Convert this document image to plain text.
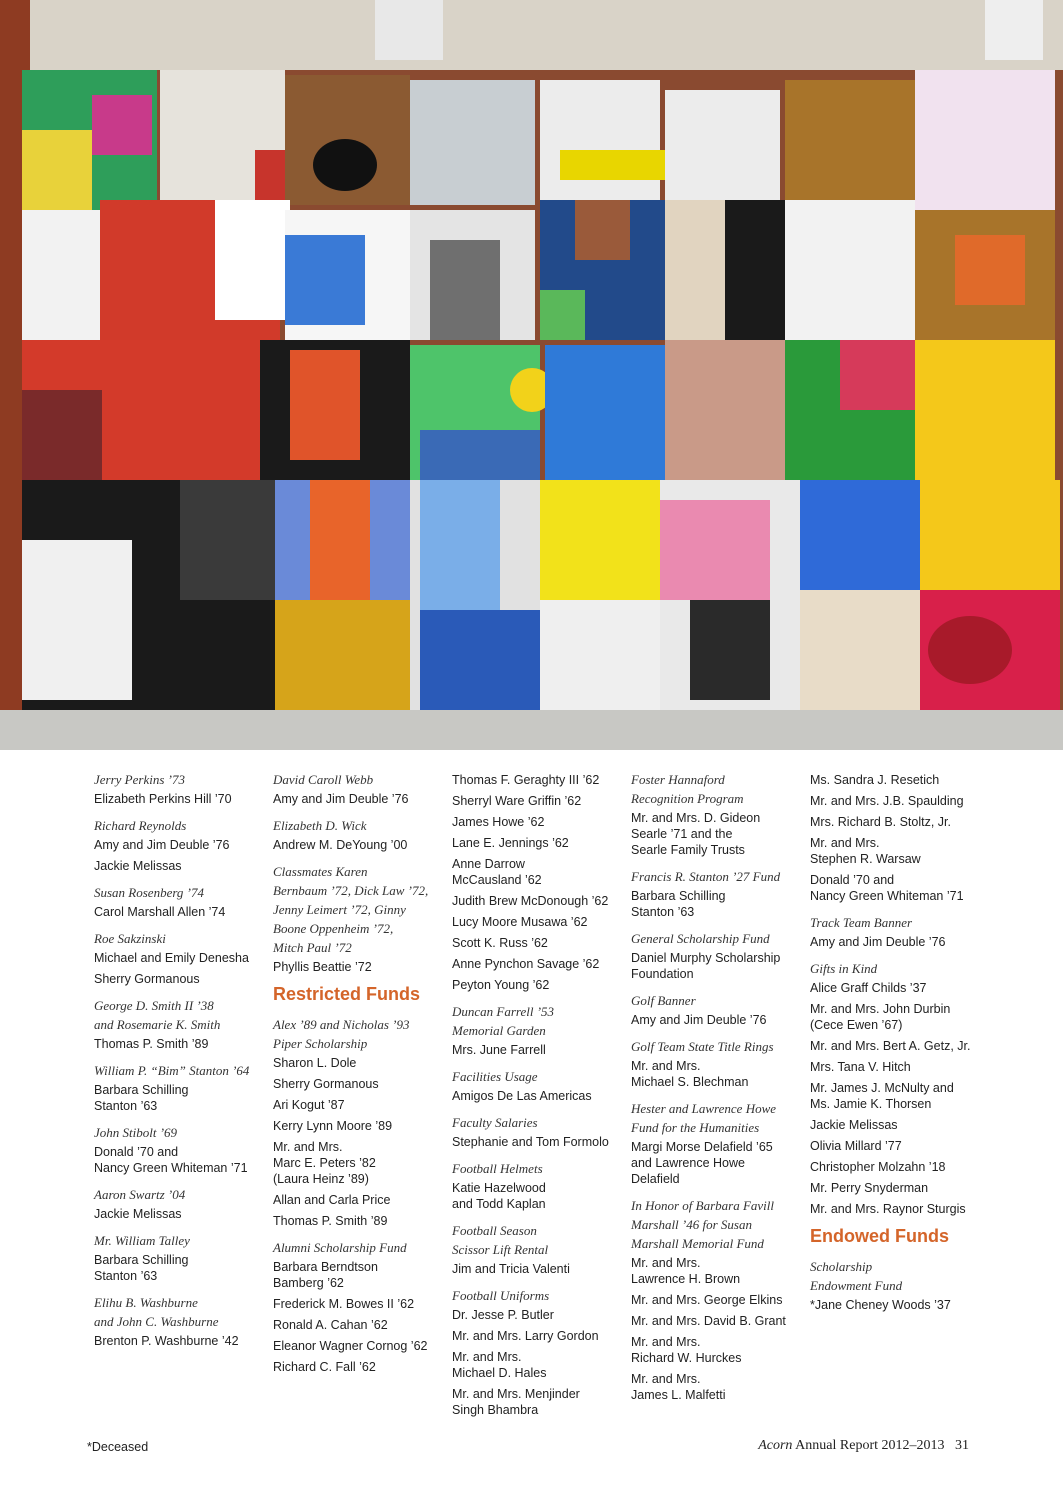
Jerry Perkins ’73
Elizabeth Perkins Hill ’70
Richard Reynolds
Amy and Jim Deuble ’76
Jackie Melissas
Susan Rosenberg ’74
Carol Marshall Allen ’74
Roe Sakzinski
Michael and Emily Denesha
Sherry Gormanous
George D. Smith II ’38
and Rosemarie K. Smith
Thomas P. Smith ’89
William P. “Bim” Stanton ’64
Barbara Schilling
Stanton ’63
John Stibolt ’69
Donald ’70 and
Nancy Green Whiteman ’71
Aaron Swartz ’04
Jackie Melissas
Mr. William Talley
Barbara Schilling
Stanton ’63
Elihu B. Washburne
and John C. Washburne
Brenton P. Washburne ’42
David Caroll Webb
Amy and Jim Deuble ’76
Elizabeth D. Wick
Andrew M. DeYoung ’00
Classmates Karen
Bernbaum ’72, Dick Law ’72,
Jenny Leimert ’72, Ginny
Boone Oppenheim ’72,
Mitch Paul ’72
Phyllis Beattie ’72
Restricted Funds
Alex ’89 and Nicholas ’93
Piper Scholarship
Sharon L. Dole
Sherry Gormanous
Ari Kogut ’87
Kerry Lynn Moore ’89
Mr. and Mrs.
Marc E. Peters ’82
(Laura Heinz ’89)
Allan and Carla Price
Thomas P. Smith ’89
Alumni Scholarship Fund
Barbara Berndtson
Bamberg ’62
Frederick M. Bowes II ’62
Ronald A. Cahan ’62
Eleanor Wagner Cornog ’62
Richard C. Fall ’62
Thomas F. Geraghty III ’62
Sherryl Ware Griffin ’62
James Howe ’62
Lane E. Jennings ’62
Anne Darrow
McCausland ’62
Judith Brew McDonough ’62
Lucy Moore Musawa ’62
Scott K. Russ ’62
Anne Pynchon Savage ’62
Peyton Young ’62
Duncan Farrell ’53
Memorial Garden
Mrs. June Farrell
Facilities Usage
Amigos De Las Americas
Faculty Salaries
Stephanie and Tom Formolo
Football Helmets
Katie Hazelwood
and Todd Kaplan
Football Season
Scissor Lift Rental
Jim and Tricia Valenti
Football Uniforms
Dr. Jesse P. Butler
Mr. and Mrs. Larry Gordon
Mr. and Mrs.
Michael D. Hales
Mr. and Mrs. Menjinder
Singh Bhambra
Foster Hannaford
Recognition Program
Mr. and Mrs. D. Gideon
Searle ’71 and the
Searle Family Trusts
Francis R. Stanton ’27 Fund
Barbara Schilling
Stanton ’63
General Scholarship Fund
Daniel Murphy Scholarship
Foundation
Golf Banner
Amy and Jim Deuble ’76
Golf Team State Title Rings
Mr. and Mrs.
Michael S. Blechman
Hester and Lawrence Howe
Fund for the Humanities
Margi Morse Delafield ’65
and Lawrence Howe
Delafield
In Honor of Barbara Favill
Marshall ’46 for Susan
Marshall Memorial Fund
Mr. and Mrs.
Lawrence H. Brown
Mr. and Mrs. George Elkins
Mr. and Mrs. David B. Grant
Mr. and Mrs.
Richard W. Hurckes
Mr. and Mrs.
James L. Malfetti
Ms. Sandra J. Resetich
Mr. and Mrs. J.B. Spaulding
Mrs. Richard B. Stoltz, Jr.
Mr. and Mrs.
Stephen R. Warsaw
Donald ’70 and
Nancy Green Whiteman ’71
Track Team Banner
Amy and Jim Deuble ’76
Gifts in Kind
Alice Graff Childs ’37
Mr. and Mrs. John Durbin
(Cece Ewen ’67)
Mr. and Mrs. Bert A. Getz, Jr.
Mrs. Tana V. Hitch
Mr. James J. McNulty and
Ms. Jamie K. Thorsen
Jackie Melissas
Olivia Millard ’77
Christopher Molzahn ’18
Mr. Perry Snyderman
Mr. and Mrs. Raynor Sturgis
Endowed Funds
Scholarship
Endowment Fund
*Jane Cheney Woods ’37
*Deceased	Acorn Annual Report 2012–2013 31
